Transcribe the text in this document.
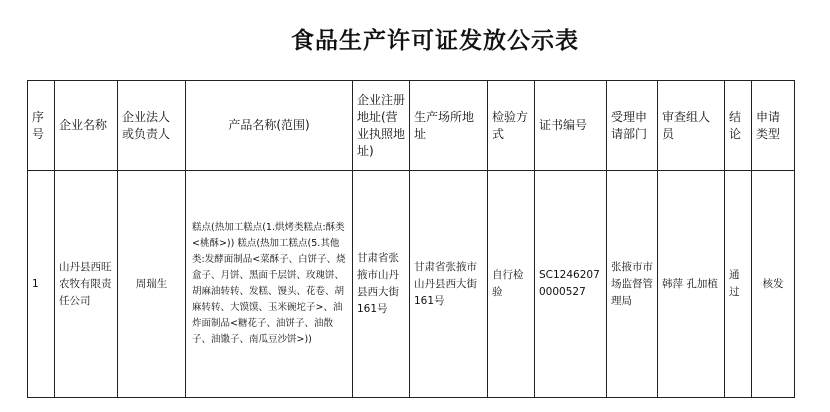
食品生产许可证发放公示表
序号	企业名称	企业法人或负责人	产品名称(范围)	企业注册地址(营业执照地址)	生产场所地址	检验方式	证书编号	受理申请部门	审查组人员	结论	申请类型
1	山丹县西旺农牧有限责任公司	周瑞生	糕点(热加工糕点(1.烘烤类糕点:酥类<桃酥>)) 糕点(热加工糕点(5.其他类:发酵面制品<菜酥子、白饼子、烧盒子、月饼、黑面千层饼、玫瑰饼、胡麻油转转、发糕、馒头、花卷、胡麻转转、大馍馍、玉米碗坨子>、油炸面制品<糖花子、油饼子、油散子、油馓子、南瓜豆沙饼>))	甘肃省张掖市山丹县西大街161号	甘肃省张掖市山丹县西大街161号	自行检验	SC12462070000527	张掖市市场监督管理局	韩萍 孔加植	通过	核发
